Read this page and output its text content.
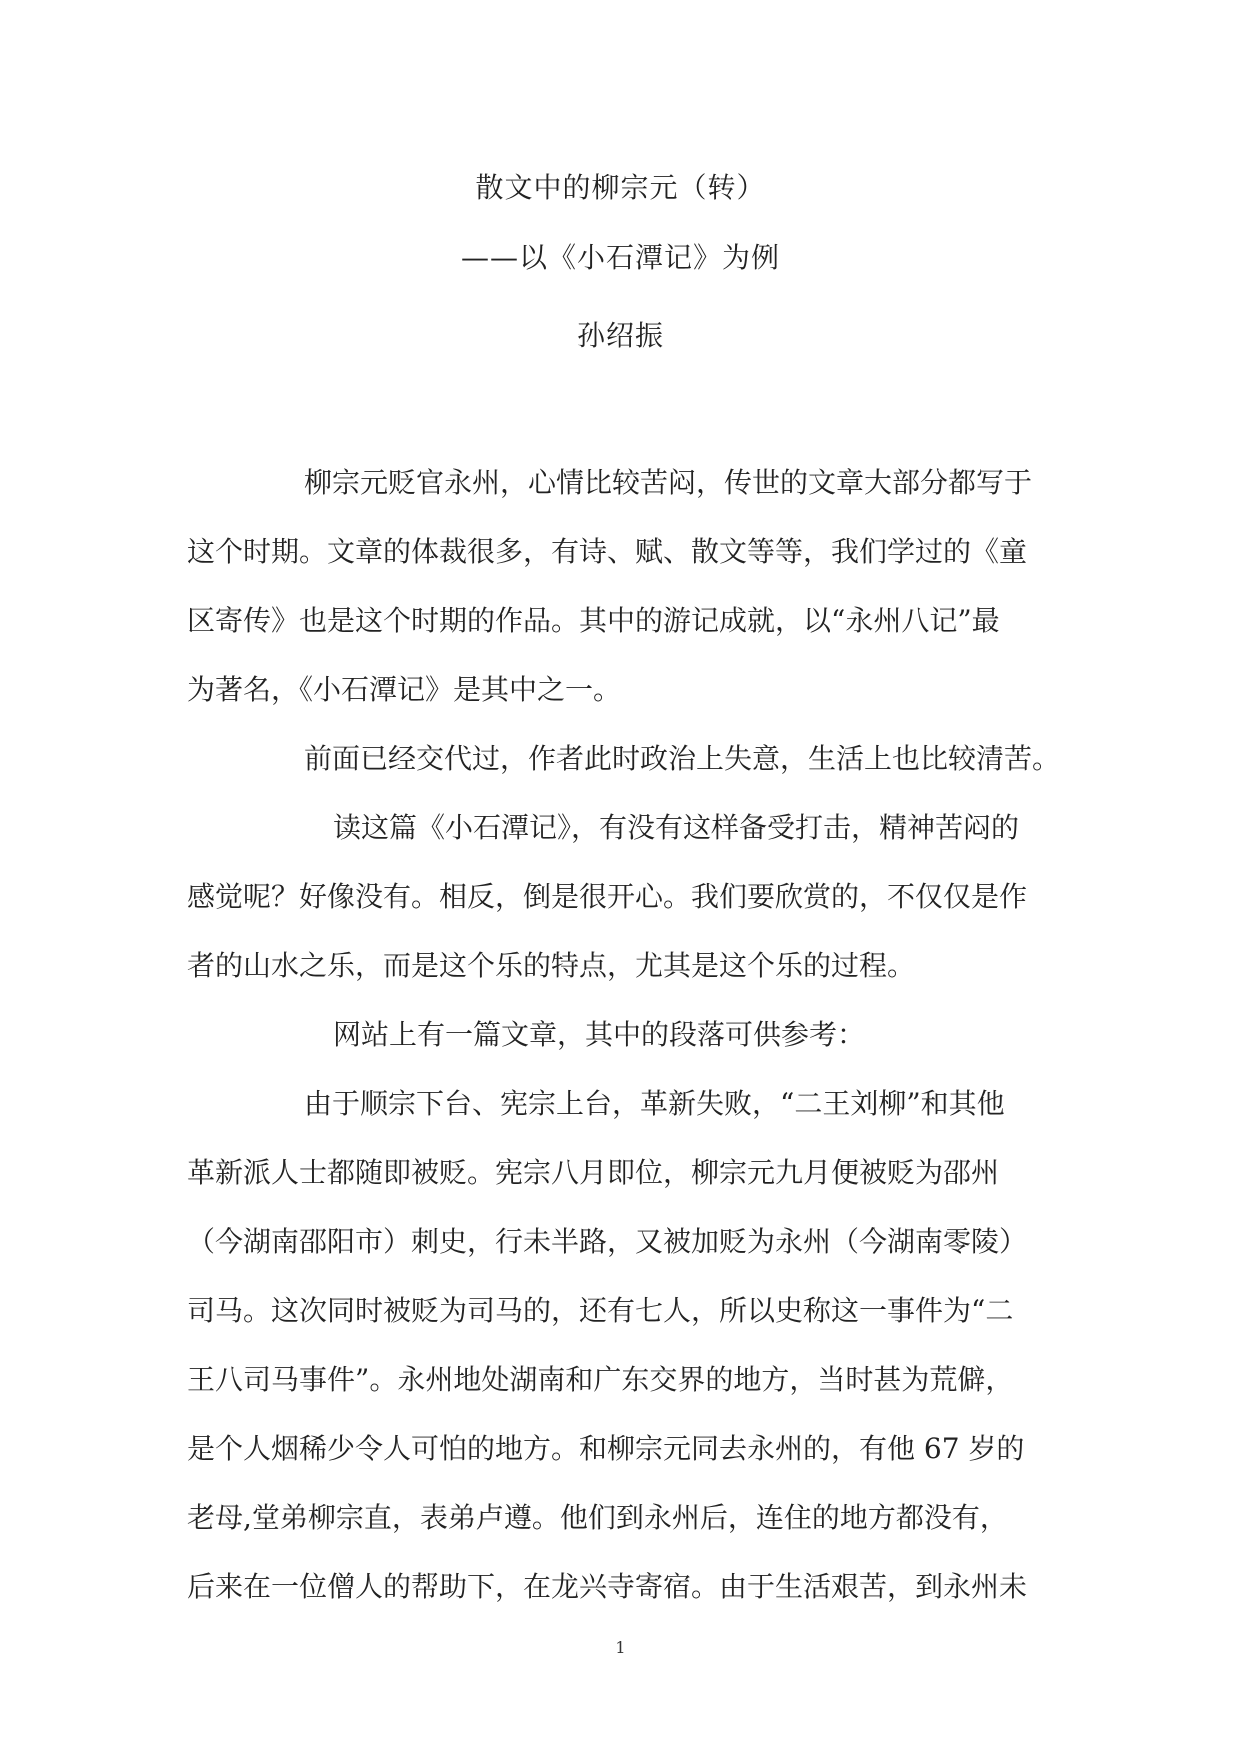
散文中的柳宗元（转）
——以《小石潭记》为例
孙绍振
柳宗元贬官永州，心情比较苦闷，传世的文章大部分都写于
这个时期。文章的体裁很多，有诗、赋、散文等等，我们学过的《童
区寄传》也是这个时期的作品。其中的游记成就，以“永州八记”最
为著名，《小石潭记》是其中之一。
前面已经交代过，作者此时政治上失意，生活上也比较清苦。
读这篇《小石潭记》，有没有这样备受打击，精神苦闷的
感觉呢？好像没有。相反，倒是很开心。我们要欣赏的，不仅仅是作
者的山水之乐，而是这个乐的特点，尤其是这个乐的过程。
网站上有一篇文章，其中的段落可供参考：
由于顺宗下台、宪宗上台，革新失败，“二王刘柳”和其他
革新派人士都随即被贬。宪宗八月即位，柳宗元九月便被贬为邵州
（今湖南邵阳市）刺史，行未半路，又被加贬为永州（今湖南零陵）
司马。这次同时被贬为司马的，还有七人，所以史称这一事件为“二
王八司马事件”。永州地处湖南和广东交界的地方，当时甚为荒僻，
是个人烟稀少令人可怕的地方。和柳宗元同去永州的，有他 67 岁的
老母,堂弟柳宗直，表弟卢遵。他们到永州后，连住的地方都没有，
后来在一位僧人的帮助下，在龙兴寺寄宿。由于生活艰苦，到永州未
1
